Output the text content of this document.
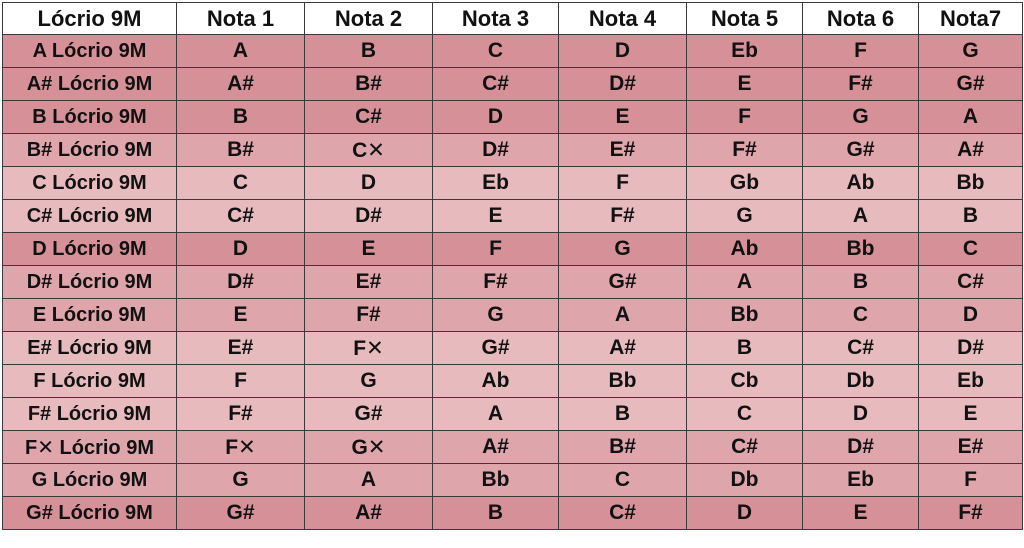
Lócrio 9M	Nota 1	Nota 2	Nota 3	Nota 4	Nota 5	Nota 6	Nota7
A Lócrio 9M	A	B	C	D	Eb	F	G
A# Lócrio 9M	A#	B#	C#	D#	E	F#	G#
B Lócrio 9M	B	C#	D	E	F	G	A
B# Lócrio 9M	B#	C✕	D#	E#	F#	G#	A#
C Lócrio 9M	C	D	Eb	F	Gb	Ab	Bb
C# Lócrio 9M	C#	D#	E	F#	G	A	B
D Lócrio 9M	D	E	F	G	Ab	Bb	C
D# Lócrio 9M	D#	E#	F#	G#	A	B	C#
E Lócrio 9M	E	F#	G	A	Bb	C	D
E# Lócrio 9M	E#	F✕	G#	A#	B	C#	D#
F Lócrio 9M	F	G	Ab	Bb	Cb	Db	Eb
F# Lócrio 9M	F#	G#	A	B	C	D	E
F✕ Lócrio 9M	F✕	G✕	A#	B#	C#	D#	E#
G Lócrio 9M	G	A	Bb	C	Db	Eb	F
G# Lócrio 9M	G#	A#	B	C#	D	E	F#
